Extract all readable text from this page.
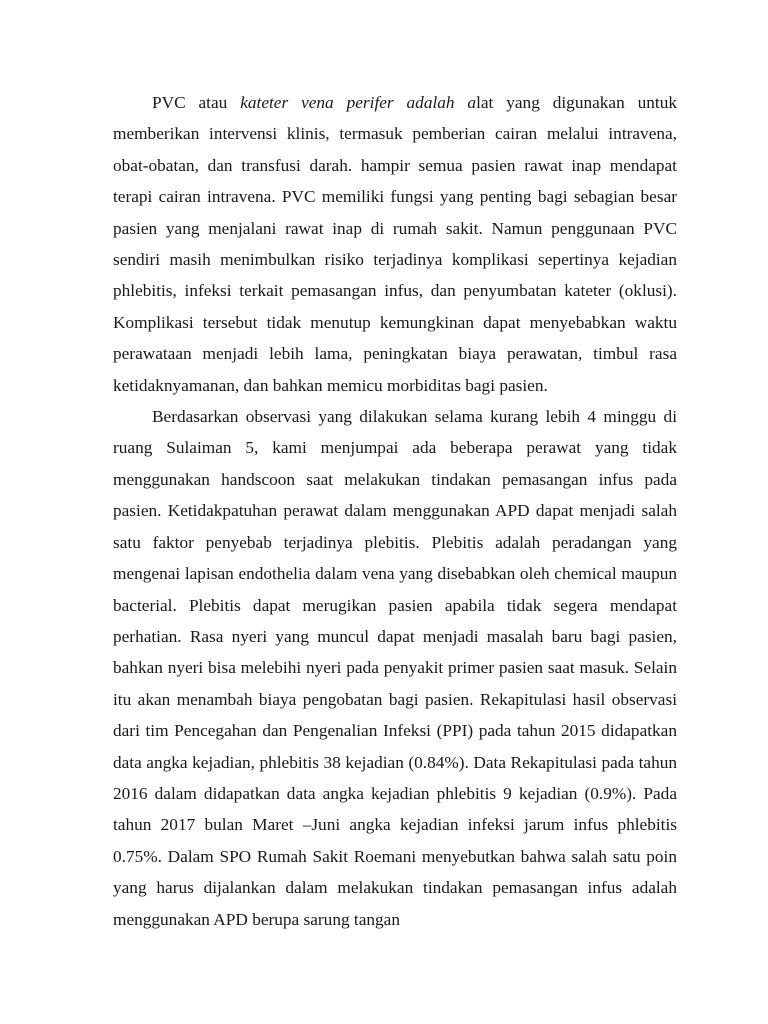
PVC atau kateter vena perifer adalah alat yang digunakan untuk memberikan intervensi klinis, termasuk pemberian cairan melalui intravena, obat-obatan, dan transfusi darah. hampir semua pasien rawat inap mendapat terapi cairan intravena. PVC memiliki fungsi yang penting bagi sebagian besar pasien yang menjalani rawat inap di rumah sakit. Namun penggunaan PVC sendiri masih menimbulkan risiko terjadinya komplikasi sepertinya kejadian phlebitis, infeksi terkait pemasangan infus, dan penyumbatan kateter (oklusi). Komplikasi tersebut tidak menutup kemungkinan dapat menyebabkan waktu perawataan menjadi lebih lama, peningkatan biaya perawatan, timbul rasa ketidaknyamanan, dan bahkan memicu morbiditas bagi pasien.

Berdasarkan observasi yang dilakukan selama kurang lebih 4 minggu di ruang Sulaiman 5, kami menjumpai ada beberapa perawat yang tidak menggunakan handscoon saat melakukan tindakan pemasangan infus pada pasien. Ketidakpatuhan perawat dalam menggunakan APD dapat menjadi salah satu faktor penyebab terjadinya plebitis. Plebitis adalah peradangan yang mengenai lapisan endothelia dalam vena yang disebabkan oleh chemical maupun bacterial. Plebitis dapat merugikan pasien apabila tidak segera mendapat perhatian. Rasa nyeri yang muncul dapat menjadi masalah baru bagi pasien, bahkan nyeri bisa melebihi nyeri pada penyakit primer pasien saat masuk. Selain itu akan menambah biaya pengobatan bagi pasien. Rekapitulasi hasil observasi dari tim Pencegahan dan Pengenalian Infeksi (PPI) pada tahun 2015 didapatkan data angka kejadian, phlebitis 38 kejadian (0.84%). Data Rekapitulasi pada tahun 2016 dalam didapatkan data angka kejadian phlebitis 9 kejadian (0.9%). Pada tahun 2017 bulan Maret –Juni angka kejadian infeksi jarum infus phlebitis 0.75%. Dalam SPO Rumah Sakit Roemani menyebutkan bahwa salah satu poin yang harus dijalankan dalam melakukan tindakan pemasangan infus adalah menggunakan APD berupa sarung tangan
